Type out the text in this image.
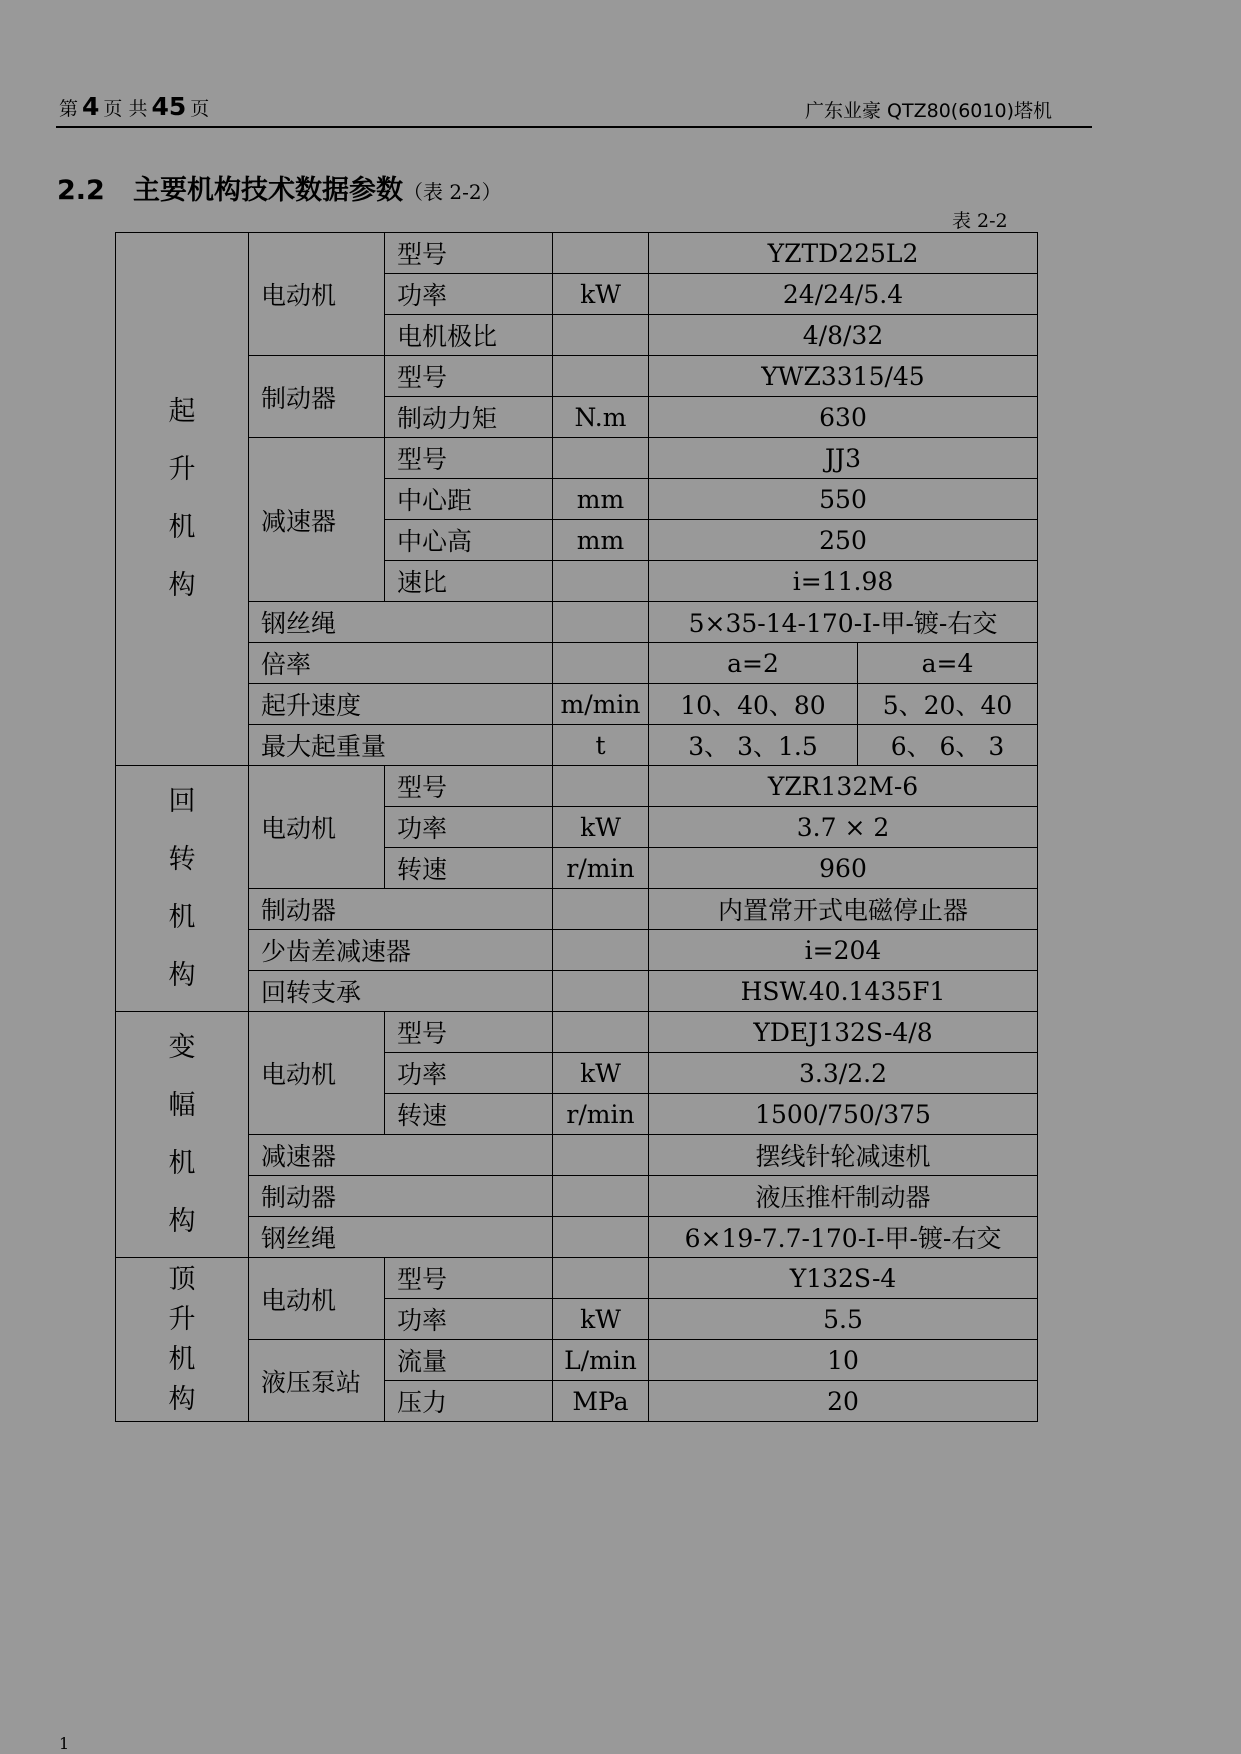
第 4 页 共 45 页	广东业豪 QTZ80(6010)塔机
2.2 主要机构技术数据参数（表 2-2）
表 2-2
起
升
机
构	电动机	型号		YZTD225L2	
		功率	kW	24/24/5.4	
		电机极比		4/8/32	
	制动器	型号		YWZ3315/45	
		制动力矩	N.m	630	
	减速器	型号		JJ3	
		中心距	mm	550	
		中心高	mm	250	
		速比		i=11.98	
	钢丝绳			5×35-14-170-I-甲-镀-右交	
	倍率			a=2	a=4
	起升速度		m/min	10、40、80	5、20、40
	最大起重量		t	3、 3、1.5	6、 6、 3
回
转
机
构	电动机	型号		YZR132M-6	
		功率	kW	3.7 × 2	
		转速	r/min	960	
	制动器			内置常开式电磁停止器	
	少齿差减速器			i=204	
	回转支承			HSW.40.1435F1	
变
幅
机
构	电动机	型号		YDEJ132S-4/8	
		功率	kW	3.3/2.2	
		转速	r/min	1500/750/375	
	减速器			摆线针轮减速机	
	制动器			液压推杆制动器	
	钢丝绳			6×19-7.7-170-I-甲-镀-右交	
顶
升
机
构	电动机	型号		Y132S-4	
		功率	kW	5.5	
	液压泵站	流量	L/min	10	
		压力	MPa	20	
1
